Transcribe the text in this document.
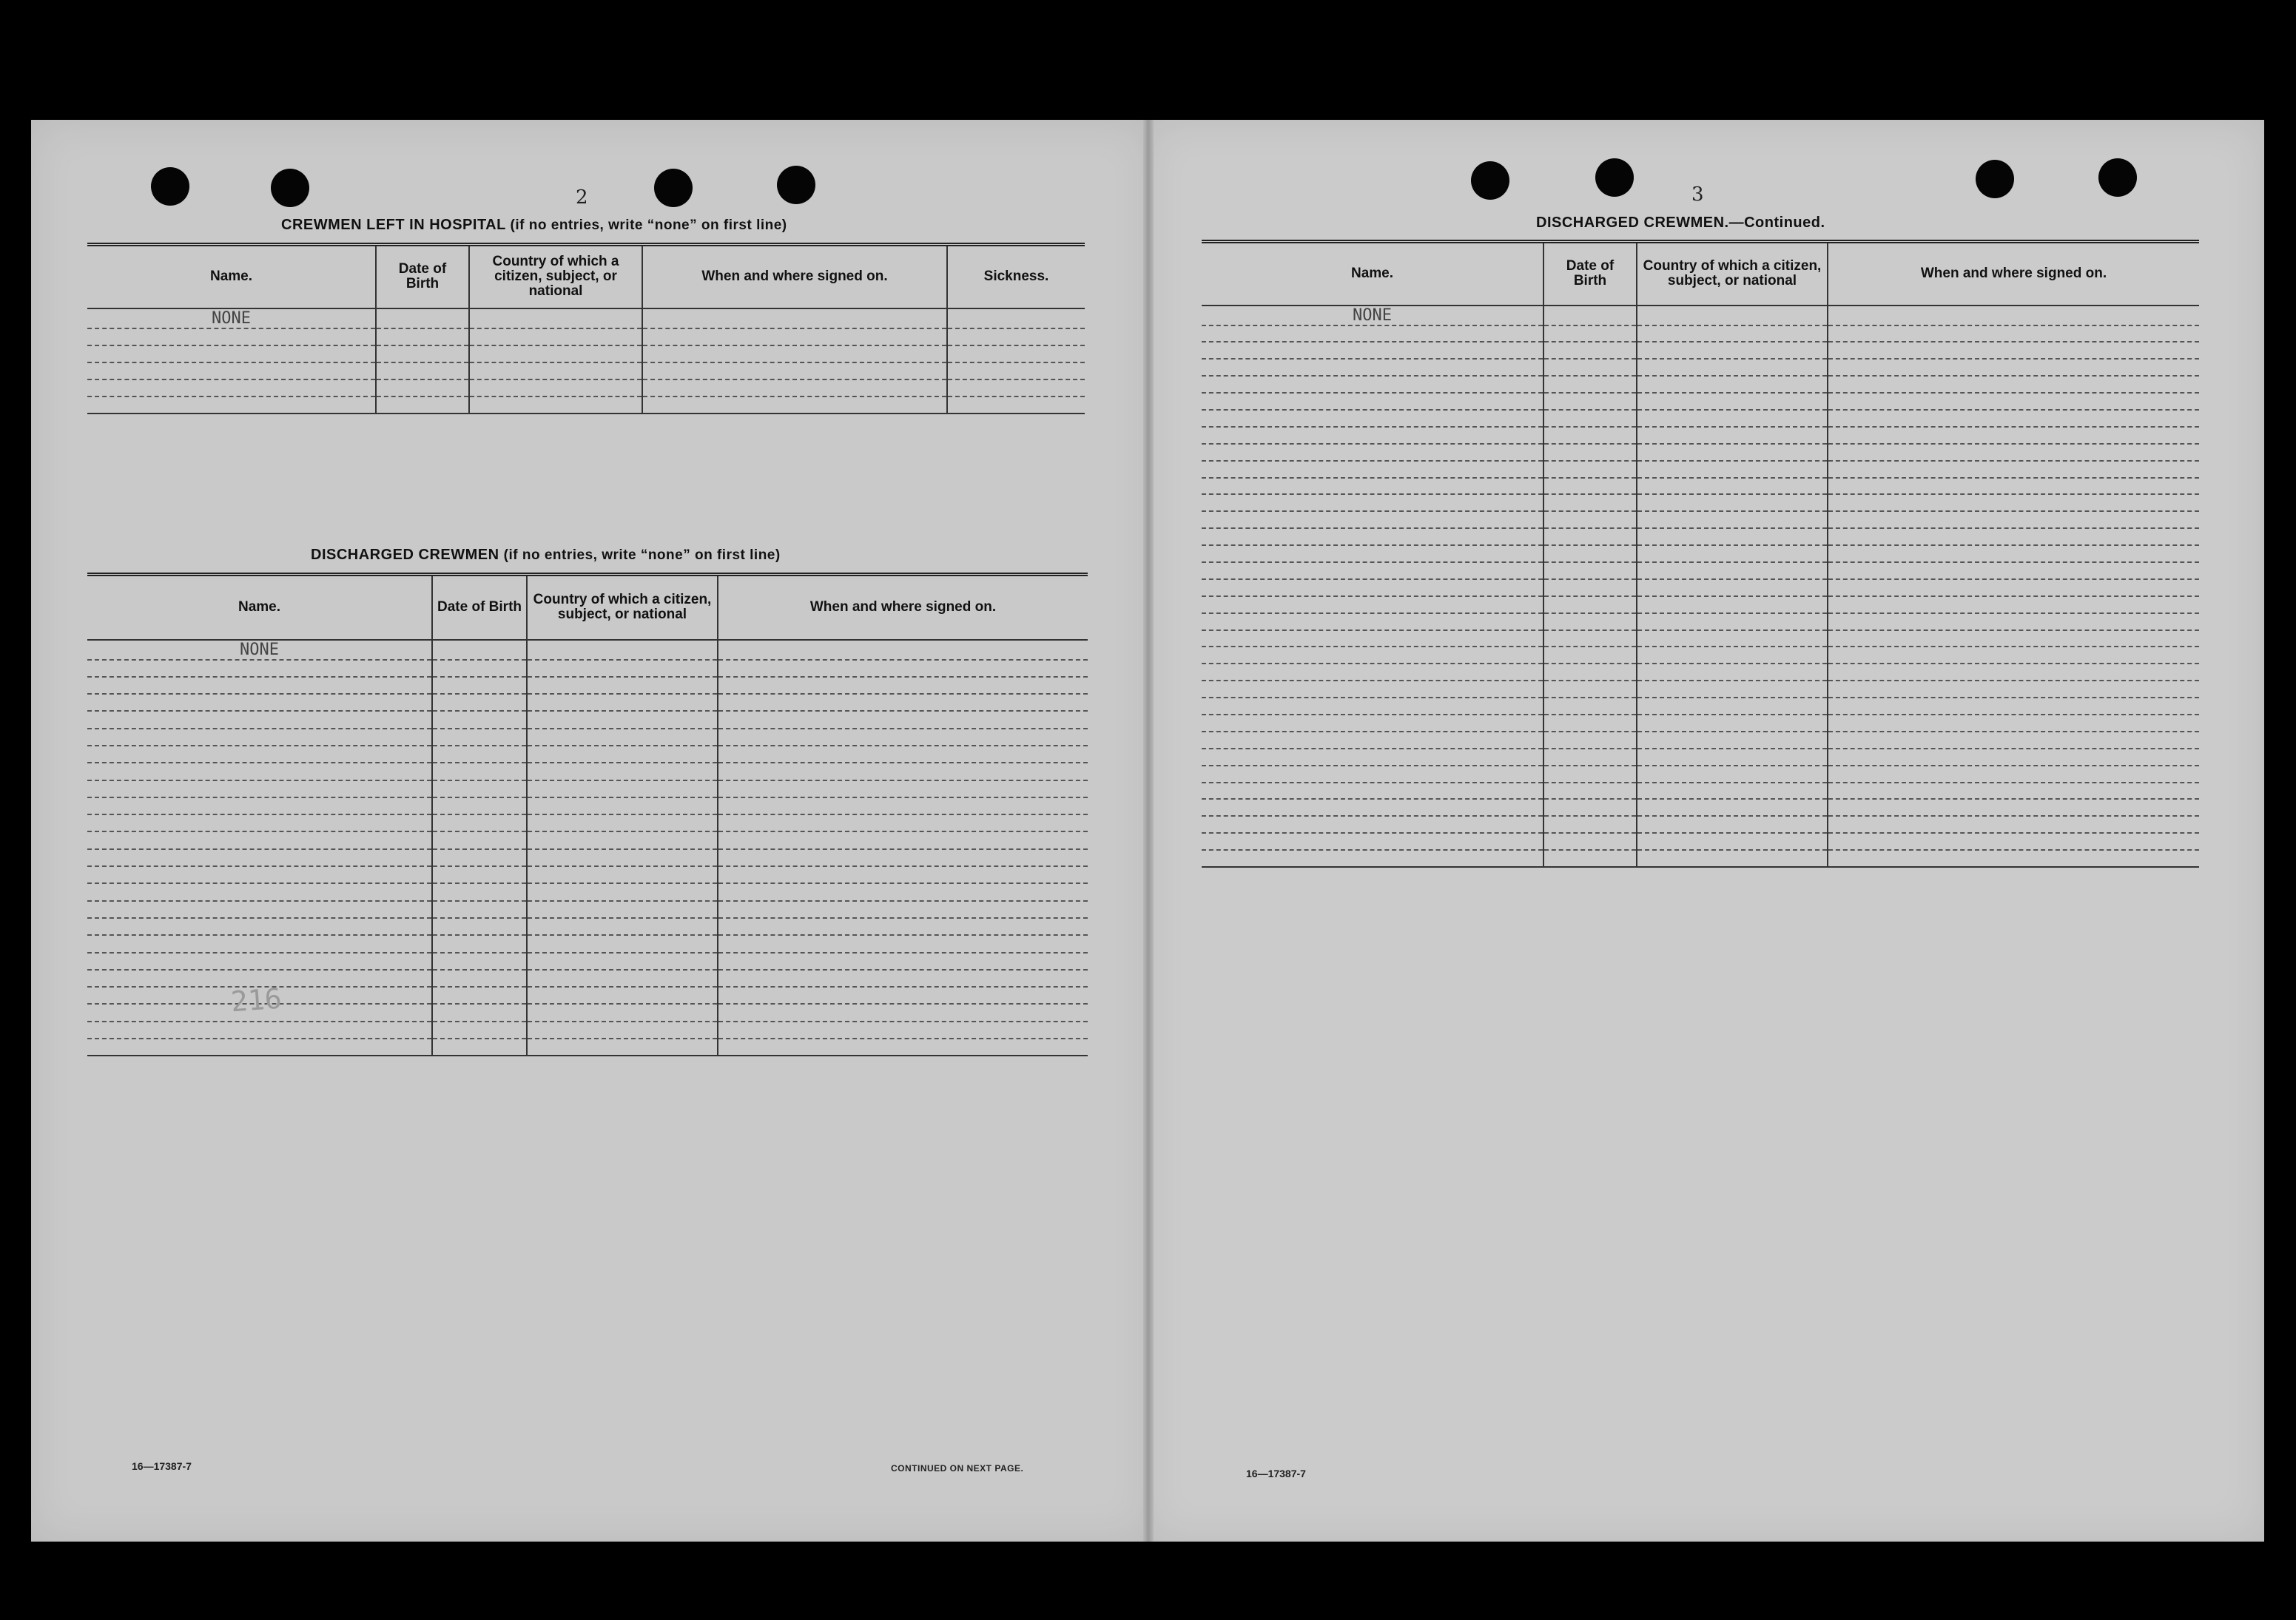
2
CREWMEN LEFT IN HOSPITAL (if no entries, write “none” on first line)
Name.	Date of Birth	Country of which a citizen, subject, or national	When and where signed on.	Sickness.
NONE				

DISCHARGED CREWMEN (if no entries, write “none” on first line)
Name.	Date of Birth	Country of which a citizen, subject, or national	When and where signed on.
NONE			

216
16—17387-7	CONTINUED ON NEXT PAGE.
3
DISCHARGED CREWMEN.—Continued.
Name.	Date of Birth	Country of which a citizen, subject, or national	When and where signed on.
NONE			

16—17387-7
